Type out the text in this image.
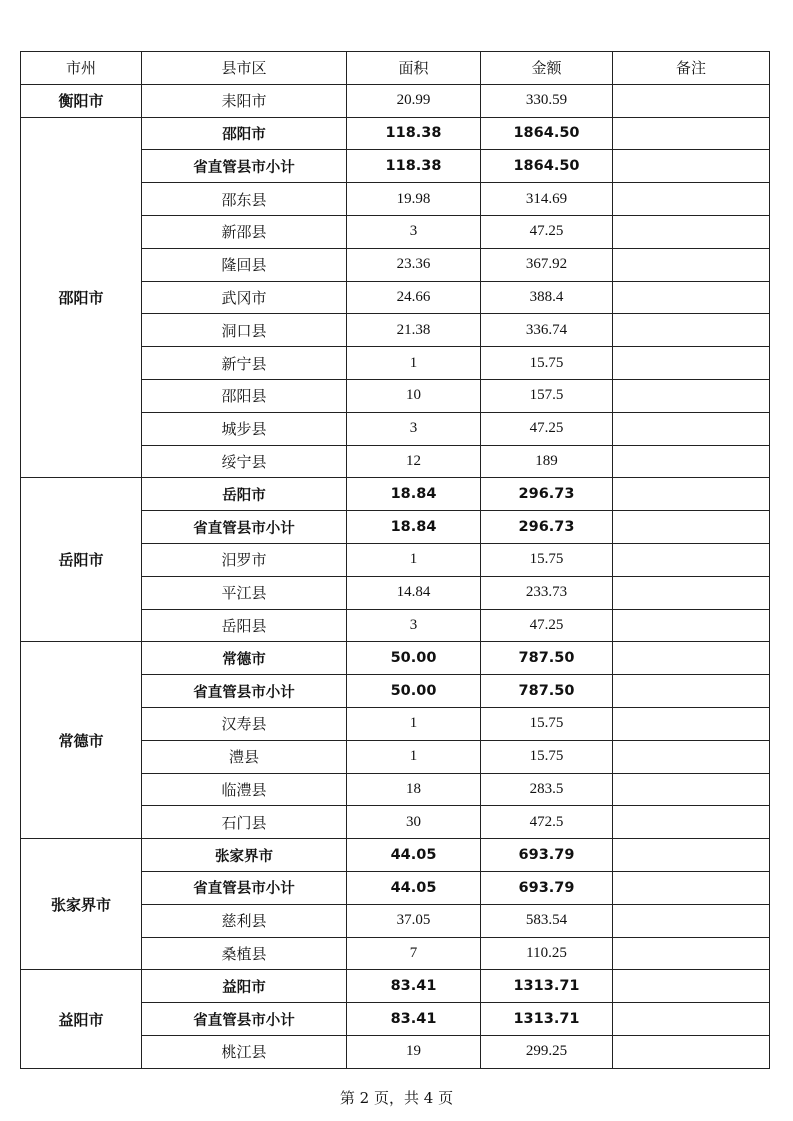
市州	县市区	面积	金额	备注
衡阳市	耒阳市	20.99	330.59	
邵阳市	邵阳市	118.38	1864.50	
	省直管县市小计	118.38	1864.50	
	邵东县	19.98	314.69	
	新邵县	3	47.25	
	隆回县	23.36	367.92	
	武冈市	24.66	388.4	
	洞口县	21.38	336.74	
	新宁县	1	15.75	
	邵阳县	10	157.5	
	城步县	3	47.25	
	绥宁县	12	189	
岳阳市	岳阳市	18.84	296.73	
	省直管县市小计	18.84	296.73	
	汨罗市	1	15.75	
	平江县	14.84	233.73	
	岳阳县	3	47.25	
常德市	常德市	50.00	787.50	
	省直管县市小计	50.00	787.50	
	汉寿县	1	15.75	
	澧县	1	15.75	
	临澧县	18	283.5	
	石门县	30	472.5	
张家界市	张家界市	44.05	693.79	
	省直管县市小计	44.05	693.79	
	慈利县	37.05	583.54	
	桑植县	7	110.25	
益阳市	益阳市	83.41	1313.71	
	省直管县市小计	83.41	1313.71	
	桃江县	19	299.25	
第 2 页，共 4 页
